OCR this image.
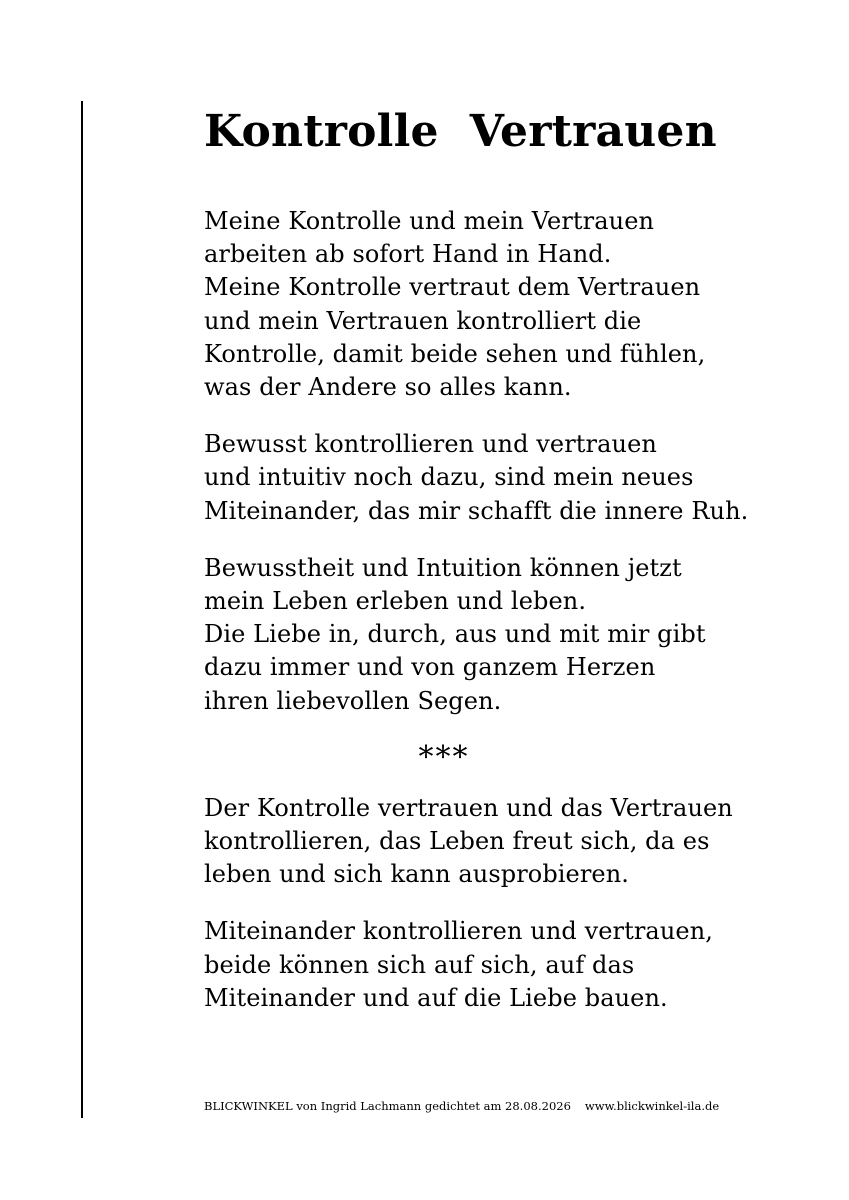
Kontrolle  Vertrauen
Meine Kontrolle und mein Vertrauen
arbeiten ab sofort Hand in Hand.
Meine Kontrolle vertraut dem Vertrauen
und mein Vertrauen kontrolliert die
Kontrolle, damit beide sehen und fühlen,
was der Andere so alles kann.
Bewusst kontrollieren und vertrauen
und intuitiv noch dazu, sind mein neues
Miteinander, das mir schafft die innere Ruh.
Bewusstheit und Intuition können jetzt
mein Leben erleben und leben.
Die Liebe in, durch, aus und mit mir gibt
dazu immer und von ganzem Herzen
ihren liebevollen Segen.
***
Der Kontrolle vertrauen und das Vertrauen
kontrollieren, das Leben freut sich, da es
leben und sich kann ausprobieren.
Miteinander kontrollieren und vertrauen,
beide können sich auf sich, auf das
Miteinander und auf die Liebe bauen.
BLICKWINKEL von Ingrid Lachmann gedichtet am 28.08.2026 www.blickwinkel-ila.de
